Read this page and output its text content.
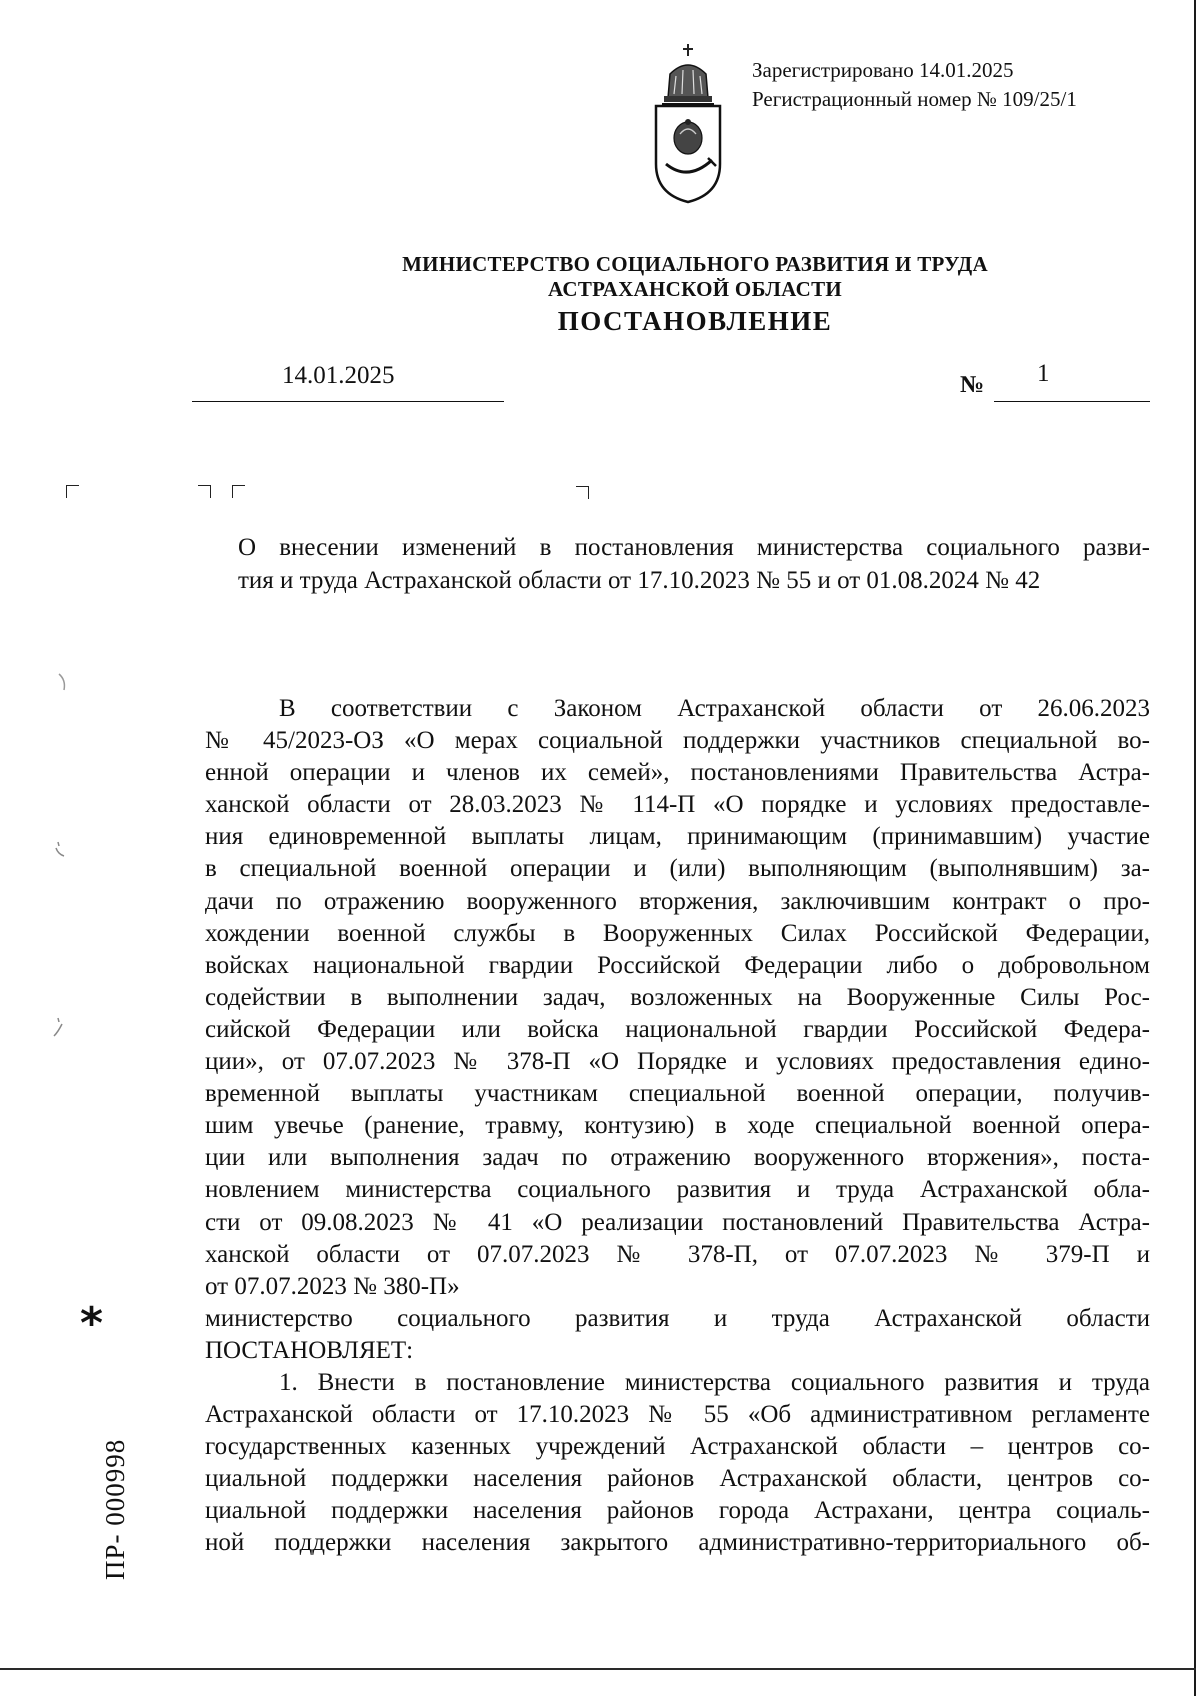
Зарегистрировано 14.01.2025
Регистрационный номер № 109/25/1
МИНИСТЕРСТВО СОЦИАЛЬНОГО РАЗВИТИЯ И ТРУДА
АСТРАХАНСКОЙ ОБЛАСТИ
ПОСТАНОВЛЕНИЕ
14.01.2025	№ 1
О внесении изменений в постановления министерства социального разви-
тия и труда Астраханской области от 17.10.2023 № 55 и от 01.08.2024 № 42
В соответствии с Законом Астраханской области от 26.06.2023
№ 45/2023-ОЗ «О мерах социальной поддержки участников специальной во-
енной операции и членов их семей», постановлениями Правительства Астра-
ханской области от 28.03.2023 № 114-П «О порядке и условиях предоставле-
ния единовременной выплаты лицам, принимающим (принимавшим) участие
в специальной военной операции и (или) выполняющим (выполнявшим) за-
дачи по отражению вооруженного вторжения, заключившим контракт о про-
хождении военной службы в Вооруженных Силах Российской Федерации,
войсках национальной гвардии Российской Федерации либо о добровольном
содействии в выполнении задач, возложенных на Вооруженные Силы Рос-
сийской Федерации или войска национальной гвардии Российской Федера-
ции», от 07.07.2023 № 378-П «О Порядке и условиях предоставления едино-
временной выплаты участникам специальной военной операции, получив-
шим увечье (ранение, травму, контузию) в ходе специальной военной опера-
ции или выполнения задач по отражению вооруженного вторжения», поста-
новлением министерства социального развития и труда Астраханской обла-
сти от 09.08.2023 № 41 «О реализации постановлений Правительства Астра-
ханской области от 07.07.2023 № 378-П, от 07.07.2023 № 379-П и
от 07.07.2023 № 380-П»
министерство социального развития и труда Астраханской области
ПОСТАНОВЛЯЕТ:
1. Внести в постановление министерства социального развития и труда
Астраханской области от 17.10.2023 № 55 «Об административном регламенте
государственных казенных учреждений Астраханской области – центров со-
циальной поддержки населения районов Астраханской области, центров со-
циальной поддержки населения районов города Астрахани, центра социаль-
ной поддержки населения закрытого административно-территориального об-
*
ПР- 000998
